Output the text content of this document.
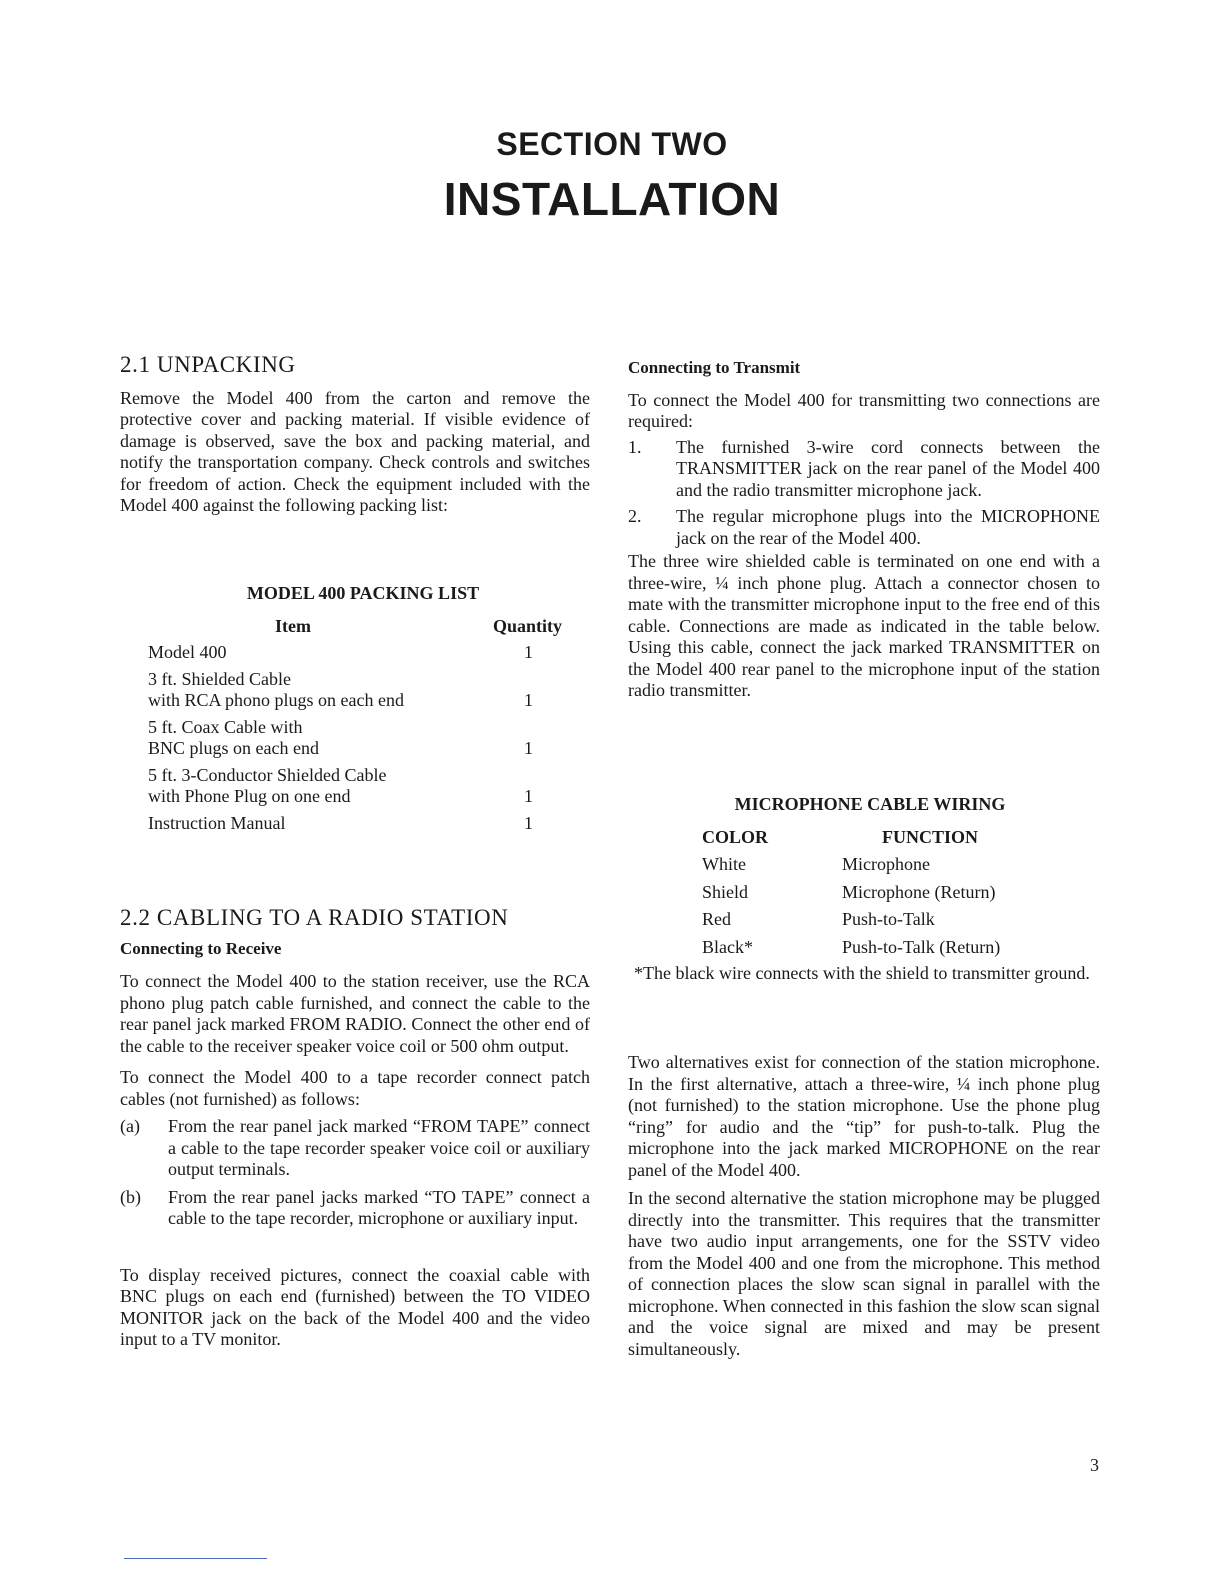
SECTION TWO
INSTALLATION
2.1 UNPACKING

Remove the Model 400 from the carton and remove the protective cover and packing material. If visible evidence of damage is observed, save the box and packing material, and notify the transportation company. Check controls and switches for freedom of action. Check the equipment included with the Model 400 against the following packing list:

MODEL 400 PACKING LIST
Item	Quantity
Model 400	1
3 ft. Shielded Cable
with RCA phono plugs on each end	1
5 ft. Coax Cable with
BNC plugs on each end	1
5 ft. 3-Conductor Shielded Cable
with Phone Plug on one end	1
Instruction Manual	1
2.2 CABLING TO A RADIO STATION
Connecting to Receive

To connect the Model 400 to the station receiver, use the RCA phono plug patch cable furnished, and connect the cable to the rear panel jack marked FROM RADIO. Connect the other end of the cable to the receiver speaker voice coil or 500 ohm output.

To connect the Model 400 to a tape recorder connect patch cables (not furnished) as follows:

(a) From the rear panel jack marked “FROM TAPE” connect a cable to the tape recorder speaker voice coil or auxiliary output terminals.
(b) From the rear panel jacks marked “TO TAPE” connect a cable to the tape recorder, microphone or auxiliary input.

To display received pictures, connect the coaxial cable with BNC plugs on each end (furnished) between the TO VIDEO MONITOR jack on the back of the Model 400 and the video input to a TV monitor.

Connecting to Transmit

To connect the Model 400 for transmitting two connections are required:

1. The furnished 3-wire cord connects between the TRANSMITTER jack on the rear panel of the Model 400 and the radio transmitter microphone jack.
2. The regular microphone plugs into the MICROPHONE jack on the rear of the Model 400.

The three wire shielded cable is terminated on one end with a three-wire, ¼ inch phone plug. Attach a connector chosen to mate with the transmitter microphone input to the free end of this cable. Connections are made as indicated in the table below. Using this cable, connect the jack marked TRANSMITTER on the Model 400 rear panel to the microphone input of the station radio transmitter.

MICROPHONE CABLE WIRING
COLOR	FUNCTION
White	Microphone
Shield	Microphone (Return)
Red	Push-to-Talk
Black*	Push-to-Talk (Return)

*The black wire connects with the shield to transmitter ground.

Two alternatives exist for connection of the station microphone. In the first alternative, attach a three-wire, ¼ inch phone plug (not furnished) to the station microphone. Use the phone plug “ring” for audio and the “tip” for push-to-talk. Plug the microphone into the jack marked MICROPHONE on the rear panel of the Model 400.

In the second alternative the station microphone may be plugged directly into the transmitter. This requires that the transmitter have two audio input arrangements, one for the SSTV video from the Model 400 and one from the microphone. This method of connection places the slow scan signal in parallel with the microphone. When connected in this fashion the slow scan signal and the voice signal are mixed and may be present simultaneously.

3
